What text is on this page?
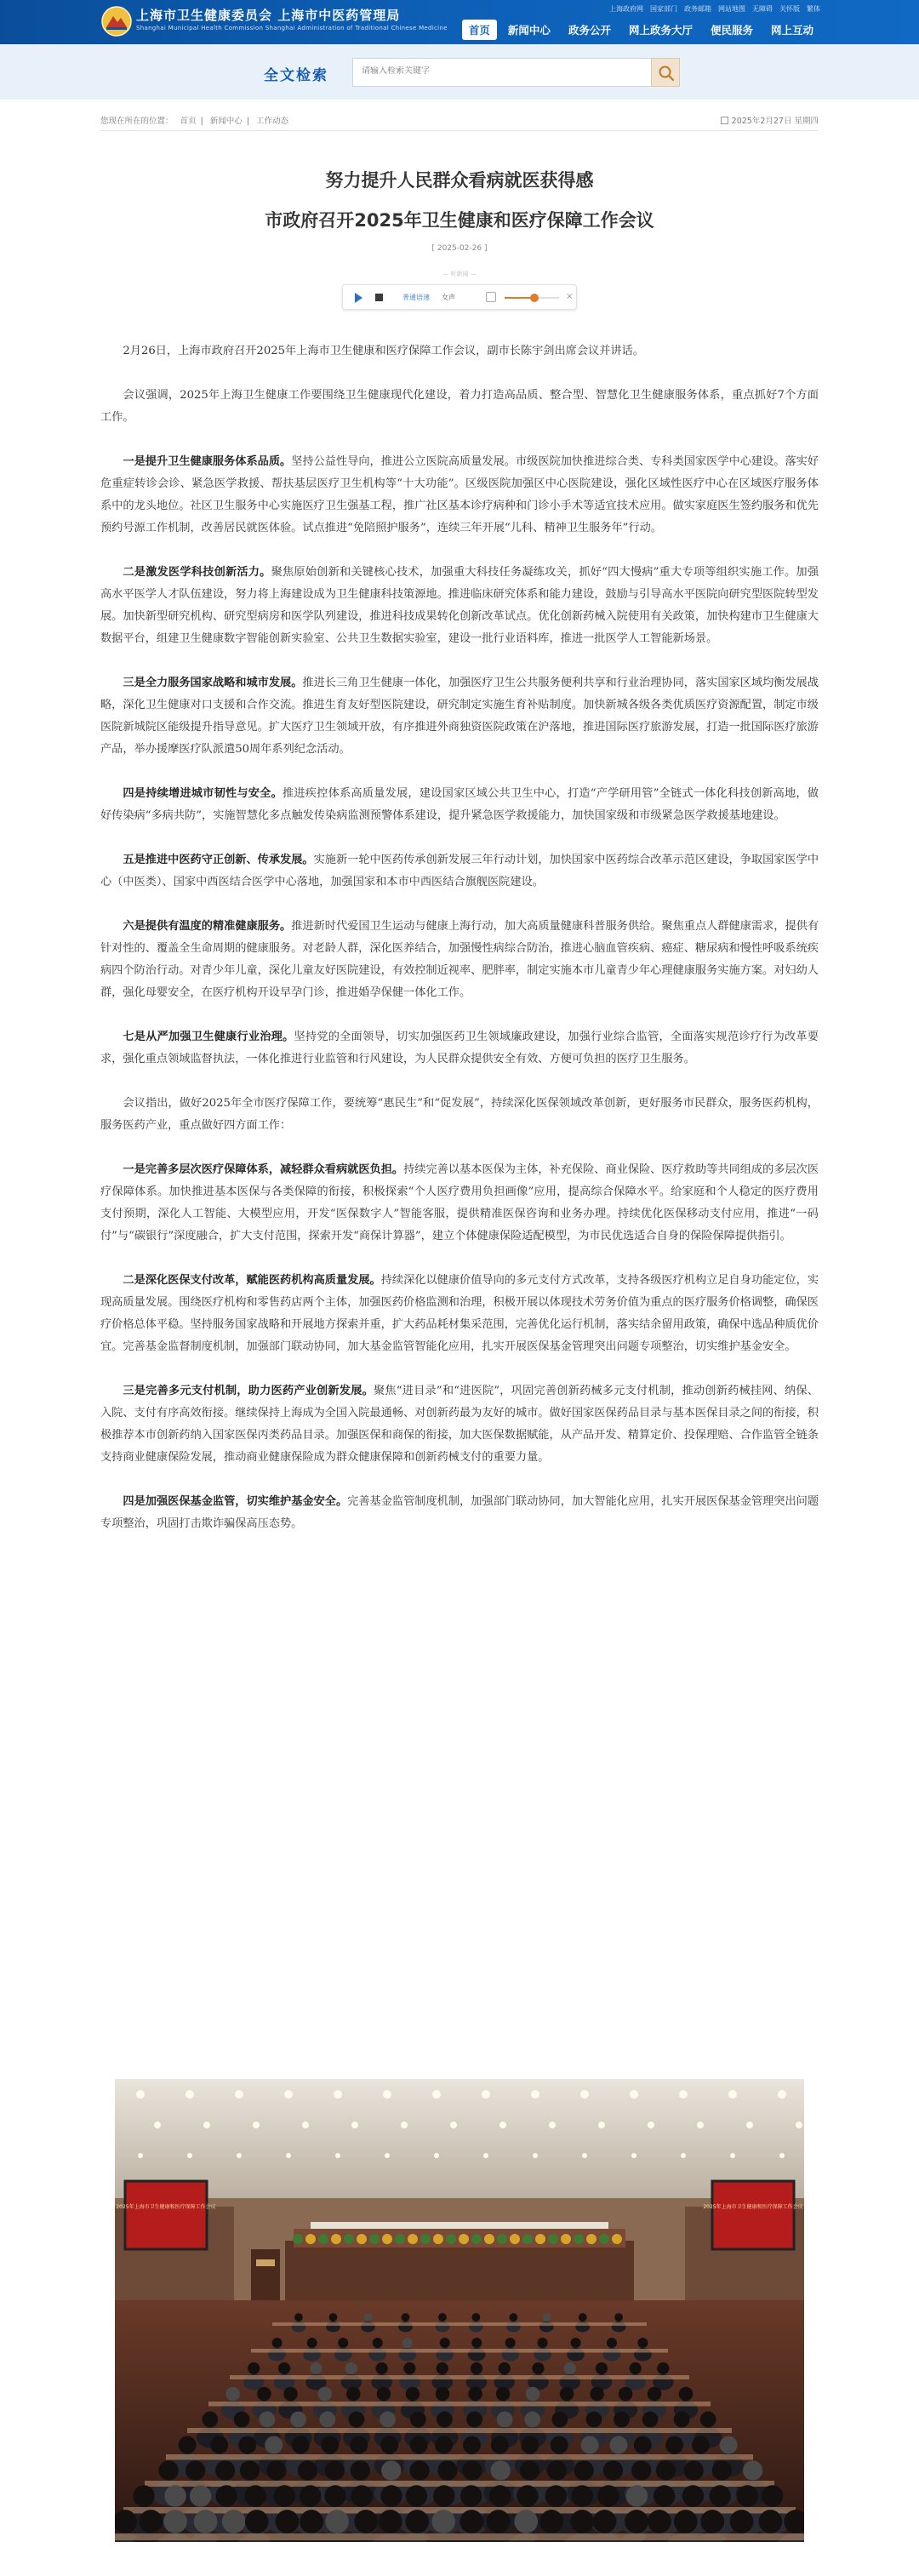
上海市卫生健康委员会 上海市中医药管理局
Shanghai Municipal Health Commission Shanghai Administration of Traditional Chinese Medicine
上海政府网 国家部门 政务邮箱 网站地图 无障碍 关怀版 繁体
首页	新闻中心	政务公开	网上政务大厅	便民服务	网上互动
全文检索
请输入检索关键字
您现在所在的位置： 首页 | 新闻中心 | 工作动态	2025年2月27日 星期四
努力提升人民群众看病就医获得感
市政府召开2025年卫生健康和医疗保障工作会议
[ 2025-02-26 ]
— 听新闻 —
普通语速 女声	×

2月26日，上海市政府召开2025年上海市卫生健康和医疗保障工作会议，副市长陈宇剑出席会议并讲话。

会议强调，2025年上海卫生健康工作要围绕卫生健康现代化建设，着力打造高品质、整合型、智慧化卫生健康服务体系，重点抓好7个方面工作。

一是提升卫生健康服务体系品质。坚持公益性导向，推进公立医院高质量发展。市级医院加快推进综合类、专科类国家医学中心建设。落实好危重症转诊会诊、紧急医学救援、帮扶基层医疗卫生机构等“十大功能”。区级医院加强区中心医院建设，强化区域性医疗中心在区域医疗服务体系中的龙头地位。社区卫生服务中心实施医疗卫生强基工程，推广社区基本诊疗病种和门诊小手术等适宜技术应用。做实家庭医生签约服务和优先预约号源工作机制，改善居民就医体验。试点推进“免陪照护服务”，连续三年开展“儿科、精神卫生服务年”行动。

二是激发医学科技创新活力。聚焦原始创新和关键核心技术，加强重大科技任务凝练攻关，抓好“四大慢病”重大专项等组织实施工作。加强高水平医学人才队伍建设，努力将上海建设成为卫生健康科技策源地。推进临床研究体系和能力建设，鼓励与引导高水平医院向研究型医院转型发展。加快新型研究机构、研究型病房和医学队列建设，推进科技成果转化创新改革试点。优化创新药械入院使用有关政策，加快构建市卫生健康大数据平台，组建卫生健康数字智能创新实验室、公共卫生数据实验室，建设一批行业语料库，推进一批医学人工智能新场景。

三是全力服务国家战略和城市发展。推进长三角卫生健康一体化，加强医疗卫生公共服务便利共享和行业治理协同，落实国家区域均衡发展战略，深化卫生健康对口支援和合作交流。推进生育友好型医院建设，研究制定实施生育补贴制度。加快新城各级各类优质医疗资源配置，制定市级医院新城院区能级提升指导意见。扩大医疗卫生领域开放，有序推进外商独资医院政策在沪落地，推进国际医疗旅游发展，打造一批国际医疗旅游产品，举办援摩医疗队派遣50周年系列纪念活动。

四是持续增进城市韧性与安全。推进疾控体系高质量发展，建设国家区域公共卫生中心，打造“产学研用管”全链式一体化科技创新高地，做好传染病“多病共防”，实施智慧化多点触发传染病监测预警体系建设，提升紧急医学救援能力，加快国家级和市级紧急医学救援基地建设。

五是推进中医药守正创新、传承发展。实施新一轮中医药传承创新发展三年行动计划，加快国家中医药综合改革示范区建设，争取国家医学中心（中医类）、国家中西医结合医学中心落地，加强国家和本市中西医结合旗舰医院建设。

六是提供有温度的精准健康服务。推进新时代爱国卫生运动与健康上海行动，加大高质量健康科普服务供给。聚焦重点人群健康需求，提供有针对性的、覆盖全生命周期的健康服务。对老龄人群，深化医养结合，加强慢性病综合防治，推进心脑血管疾病、癌症、糖尿病和慢性呼吸系统疾病四个防治行动。对青少年儿童，深化儿童友好医院建设，有效控制近视率、肥胖率，制定实施本市儿童青少年心理健康服务实施方案。对妇幼人群，强化母婴安全，在医疗机构开设早孕门诊，推进婚孕保健一体化工作。

七是从严加强卫生健康行业治理。坚持党的全面领导，切实加强医药卫生领域廉政建设，加强行业综合监管，全面落实规范诊疗行为改革要求，强化重点领域监督执法，一体化推进行业监管和行风建设，为人民群众提供安全有效、方便可负担的医疗卫生服务。

会议指出，做好2025年全市医疗保障工作，要统筹“惠民生”和“促发展”，持续深化医保领域改革创新，更好服务市民群众，服务医药机构，服务医药产业，重点做好四方面工作：

一是完善多层次医疗保障体系，减轻群众看病就医负担。持续完善以基本医保为主体，补充保险、商业保险、医疗救助等共同组成的多层次医疗保障体系。加快推进基本医保与各类保障的衔接，积极探索“个人医疗费用负担画像”应用，提高综合保障水平。给家庭和个人稳定的医疗费用支付预期，深化人工智能、大模型应用，开发“医保数字人”智能客服，提供精准医保咨询和业务办理。持续优化医保移动支付应用，推进“一码付”与“碳银行”深度融合，扩大支付范围，探索开发“商保计算器”，建立个体健康保险适配模型，为市民优选适合自身的保险保障提供指引。

二是深化医保支付改革，赋能医药机构高质量发展。持续深化以健康价值导向的多元支付方式改革，支持各级医疗机构立足自身功能定位，实现高质量发展。围绕医疗机构和零售药店两个主体，加强医药价格监测和治理，积极开展以体现技术劳务价值为重点的医疗服务价格调整，确保医疗价格总体平稳。坚持服务国家战略和开展地方探索并重，扩大药品耗材集采范围，完善优化运行机制，落实结余留用政策，确保中选品种质优价宜。完善基金监督制度机制，加强部门联动协同，加大基金监管智能化应用，扎实开展医保基金管理突出问题专项整治，切实维护基金安全。

三是完善多元支付机制，助力医药产业创新发展。聚焦“进目录”和“进医院”，巩固完善创新药械多元支付机制，推动创新药械挂网、纳保、入院、支付有序高效衔接。继续保持上海成为全国入院最通畅、对创新药最为友好的城市。做好国家医保药品目录与基本医保目录之间的衔接，积极推荐本市创新药纳入国家医保丙类药品目录。加强医保和商保的衔接，加大医保数据赋能，从产品开发、精算定价、投保理赔、合作监管全链条支持商业健康保险发展，推动商业健康保险成为群众健康保障和创新药械支付的重要力量。

四是加强医保基金监管，切实维护基金安全。完善基金监管制度机制，加强部门联动协同，加大智能化应用，扎实开展医保基金管理突出问题专项整治，巩固打击欺诈骗保高压态势。

2025年上海市卫生健康和医疗保障工作会议	2025年上海市卫生健康和医疗保障工作会议
